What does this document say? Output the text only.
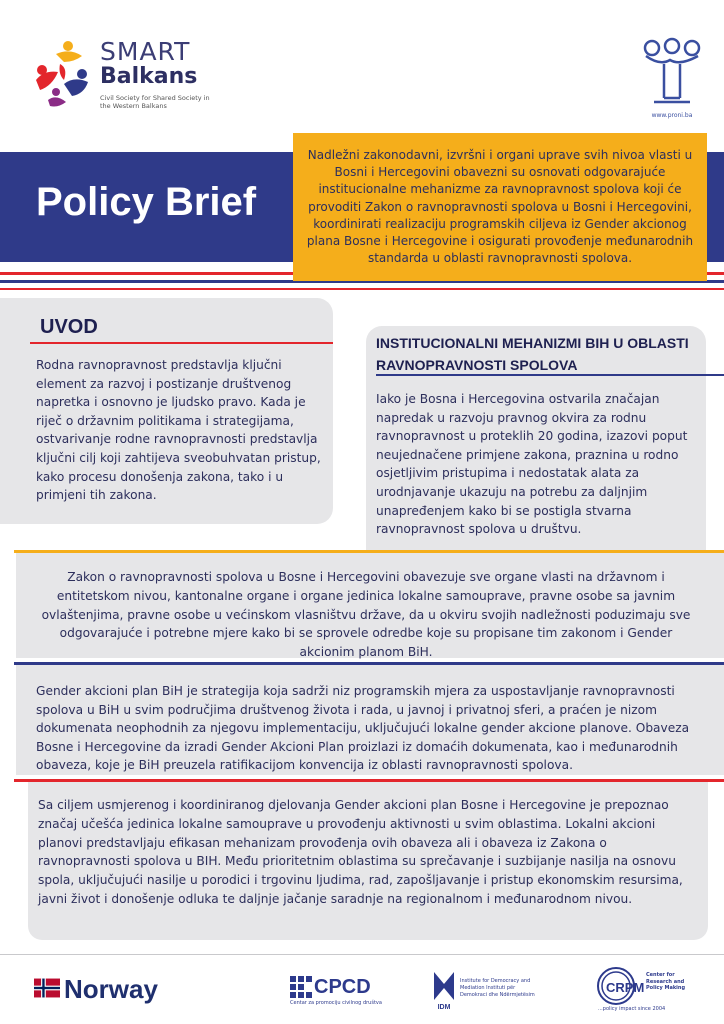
SMART
Balkans
Civil Society for Shared Society in the Western Balkans
www.proni.ba
Policy Brief

Nadležni zakonodavni, izvršni i organi uprave svih nivoa vlasti u Bosni i Hercegovini obavezni su osnovati odgovarajuće institucionalne mehanizme za ravnopravnost spolova koji će provoditi Zakon o ravnopravnosti spolova u Bosni i Hercegovini, koordinirati realizaciju programskih ciljeva iz Gender akcionog plana Bosne i Hercegovine i osigurati provođenje međunarodnih standarda u oblasti ravnopravnosti spolova.

UVOD

Rodna ravnopravnost predstavlja ključni element za razvoj i postizanje društvenog napretka i osnovno je ljudsko pravo. Kada je riječ o državnim politikama i strategijama, ostvarivanje rodne ravnopravnosti predstavlja ključni cilj koji zahtijeva sveobuhvatan pristup, kako procesu donošenja zakona, tako i u primjeni tih zakona.

INSTITUCIONALNI MEHANIZMI BIH U OBLASTI RAVNOPRAVNOSTI SPOLOVA

Iako je Bosna i Hercegovina ostvarila značajan napredak u razvoju pravnog okvira za rodnu ravnopravnost u proteklih 20 godina, izazovi poput neujednačene primjene zakona, praznina u rodno osjetljivim pristupima i nedostatak alata za urodnjavanje ukazuju na potrebu za daljnjim unapređenjem kako bi se postigla stvarna ravnopravnost spolova u društvu.

Zakon o ravnopravnosti spolova u Bosne i Hercegovini obavezuje sve organe vlasti na državnom i entitetskom nivou, kantonalne organe i organe jedinica lokalne samouprave, pravne osobe sa javnim ovlaštenjima, pravne osobe u većinskom vlasništvu države, da u okviru svojih nadležnosti poduzimaju sve odgovarajuće i potrebne mjere kako bi se sprovele odredbe koje su propisane tim zakonom i Gender akcionim planom BiH.

Gender akcioni plan BiH je strategija koja sadrži niz programskih mjera za uspostavljanje ravnopravnosti spolova u BiH u svim područjima društvenog života i rada, u javnoj i privatnoj sferi, a praćen je nizom dokumenata neophodnih za njegovu implementaciju, uključujući lokalne gender akcione planove. Obaveza Bosne i Hercegovine da izradi Gender Akcioni Plan proizlazi iz domaćih dokumenata, kao i međunarodnih obaveza, koje je BiH preuzela ratifikacijom konvencija iz oblasti ravnopravnosti spolova.

Sa ciljem usmjerenog i koordiniranog djelovanja Gender akcioni plan Bosne i Hercegovine je prepoznao značaj učešća jedinica lokalne samouprave u provođenju aktivnosti u svim oblastima. Lokalni akcioni planovi predstavljaju efikasan mehanizam provođenja ovih obaveza ali i obaveza iz Zakona o ravnopravnosti spolova u BIH. Među prioritetnim oblastima su sprečavanje i suzbijanje nasilja na osnovu spola, uključujući nasilje u porodici i trgovinu ljudima, rad, zapošljavanje i pristup ekonomskim resursima, javni život i donošenje odluka te daljnje jačanje saradnje na regionalnom i međunarodnom nivou.

Norway	CPCD
Centar za promociju civilnog društva
IDM
Institute for Democracy and Mediation Instituti për Demokraci dhe Ndërmjetësim	CRPM
Center for Research and Policy Making
...policy impact since 2004
